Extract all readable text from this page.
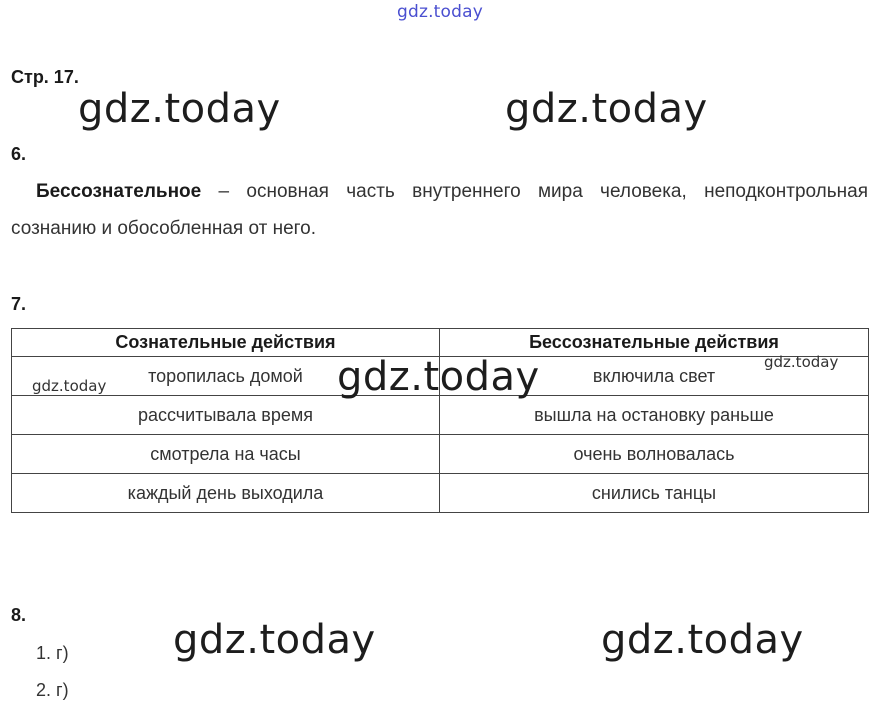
gdz.today
Стр. 17.
gdz.today	gdz.today
6.
Бессознательное – основная часть внутреннего мира человека, неподконтрольная сознанию и обособленная от него.
7.
Сознательные действия	Бессознательные действия
торопилась домой	включила свет
рассчитывала время	вышла на остановку раньше
смотрела на часы	очень волновалась
каждый день выходила	снились танцы
gdz.today	gdz.today	gdz.today
8.
gdz.today	gdz.today
1. г)
2. г)
